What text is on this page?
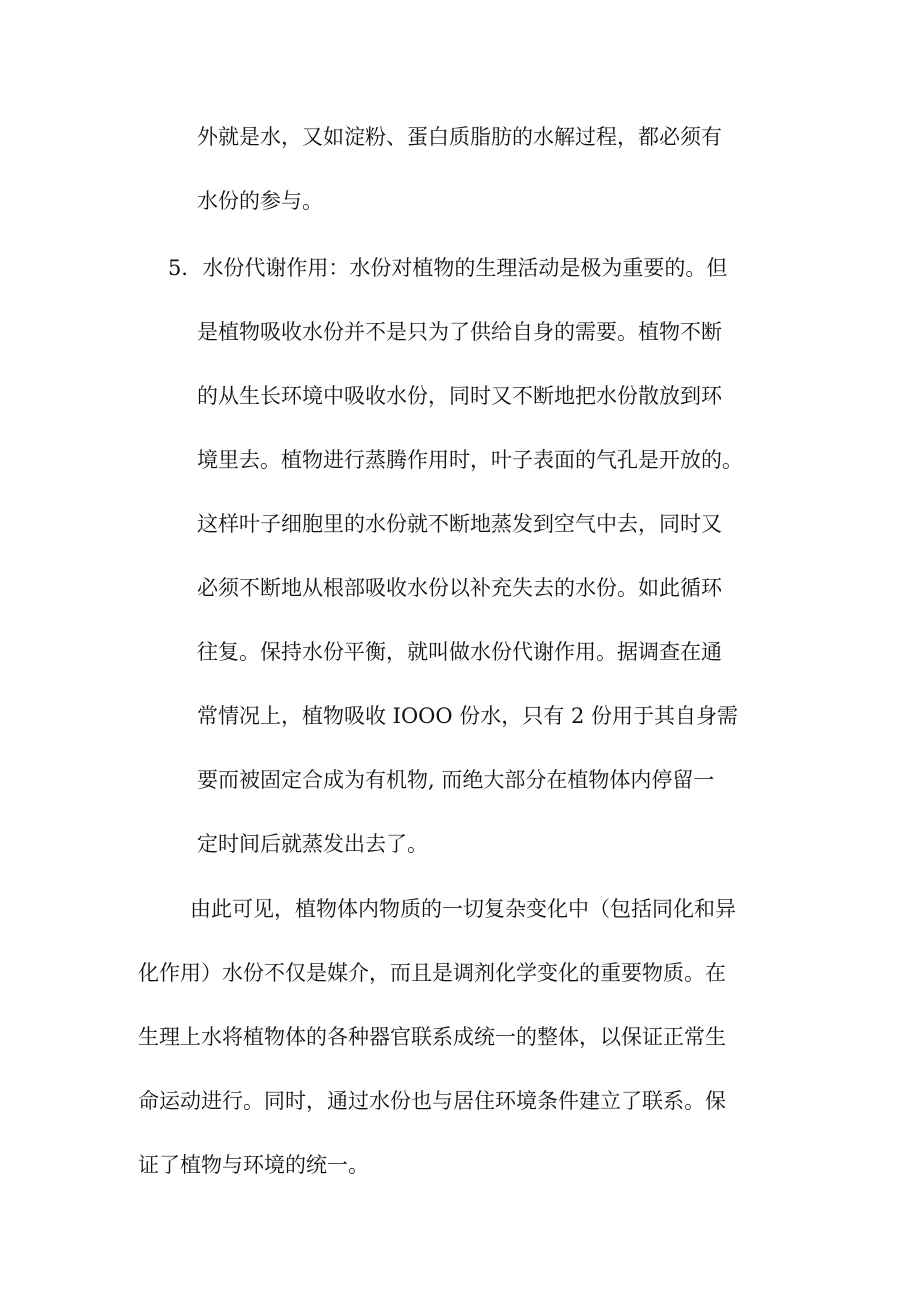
外就是水，又如淀粉、蛋白质脂肪的水解过程，都必须有
水份的参与。
5．水份代谢作用：水份对植物的生理活动是极为重要的。但
是植物吸收水份并不是只为了供给自身的需要。植物不断
的从生长环境中吸收水份，同时又不断地把水份散放到环
境里去。植物进行蒸腾作用时，叶子表面的气孔是开放的。
这样叶子细胞里的水份就不断地蒸发到空气中去，同时又
必须不断地从根部吸收水份以补充失去的水份。如此循环
往复。保持水份平衡，就叫做水份代谢作用。据调查在通
常情况上，植物吸收 IOOO 份水，只有 2 份用于其自身需
要而被固定合成为有机物, 而绝大部分在植物体内停留一
定时间后就蒸发出去了。
由此可见，植物体内物质的一切复杂变化中（包括同化和异
化作用）水份不仅是媒介，而且是调剂化学变化的重要物质。在
生理上水将植物体的各种器官联系成统一的整体，以保证正常生
命运动进行。同时，通过水份也与居住环境条件建立了联系。保
证了植物与环境的统一。
